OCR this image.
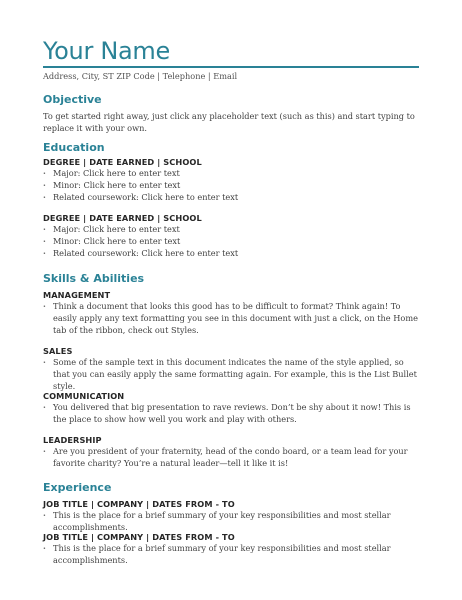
Your Name
Address, City, ST ZIP Code | Telephone | Email
Objective

To get started right away, just click any placeholder text (such as this) and start typing to replace it with your own.

Education
DEGREE | DATE EARNED | SCHOOL
· Major: Click here to enter text
· Minor: Click here to enter text
· Related coursework: Click here to enter text
DEGREE | DATE EARNED | SCHOOL
· Major: Click here to enter text
· Minor: Click here to enter text
· Related coursework: Click here to enter text
Skills & Abilities
MANAGEMENT
· Think a document that looks this good has to be difficult to format? Think again! To easily apply any text formatting you see in this document with just a click, on the Home tab of the ribbon, check out Styles.
SALES
· Some of the sample text in this document indicates the name of the style applied, so that you can easily apply the same formatting again. For example, this is the List Bullet style.
COMMUNICATION
· You delivered that big presentation to rave reviews. Don’t be shy about it now! This is the place to show how well you work and play with others.
LEADERSHIP
· Are you president of your fraternity, head of the condo board, or a team lead for your favorite charity? You’re a natural leader—tell it like it is!
Experience
JOB TITLE | COMPANY | DATES FROM - TO
· This is the place for a brief summary of your key responsibilities and most stellar accomplishments.
JOB TITLE | COMPANY | DATES FROM - TO
· This is the place for a brief summary of your key responsibilities and most stellar accomplishments.
